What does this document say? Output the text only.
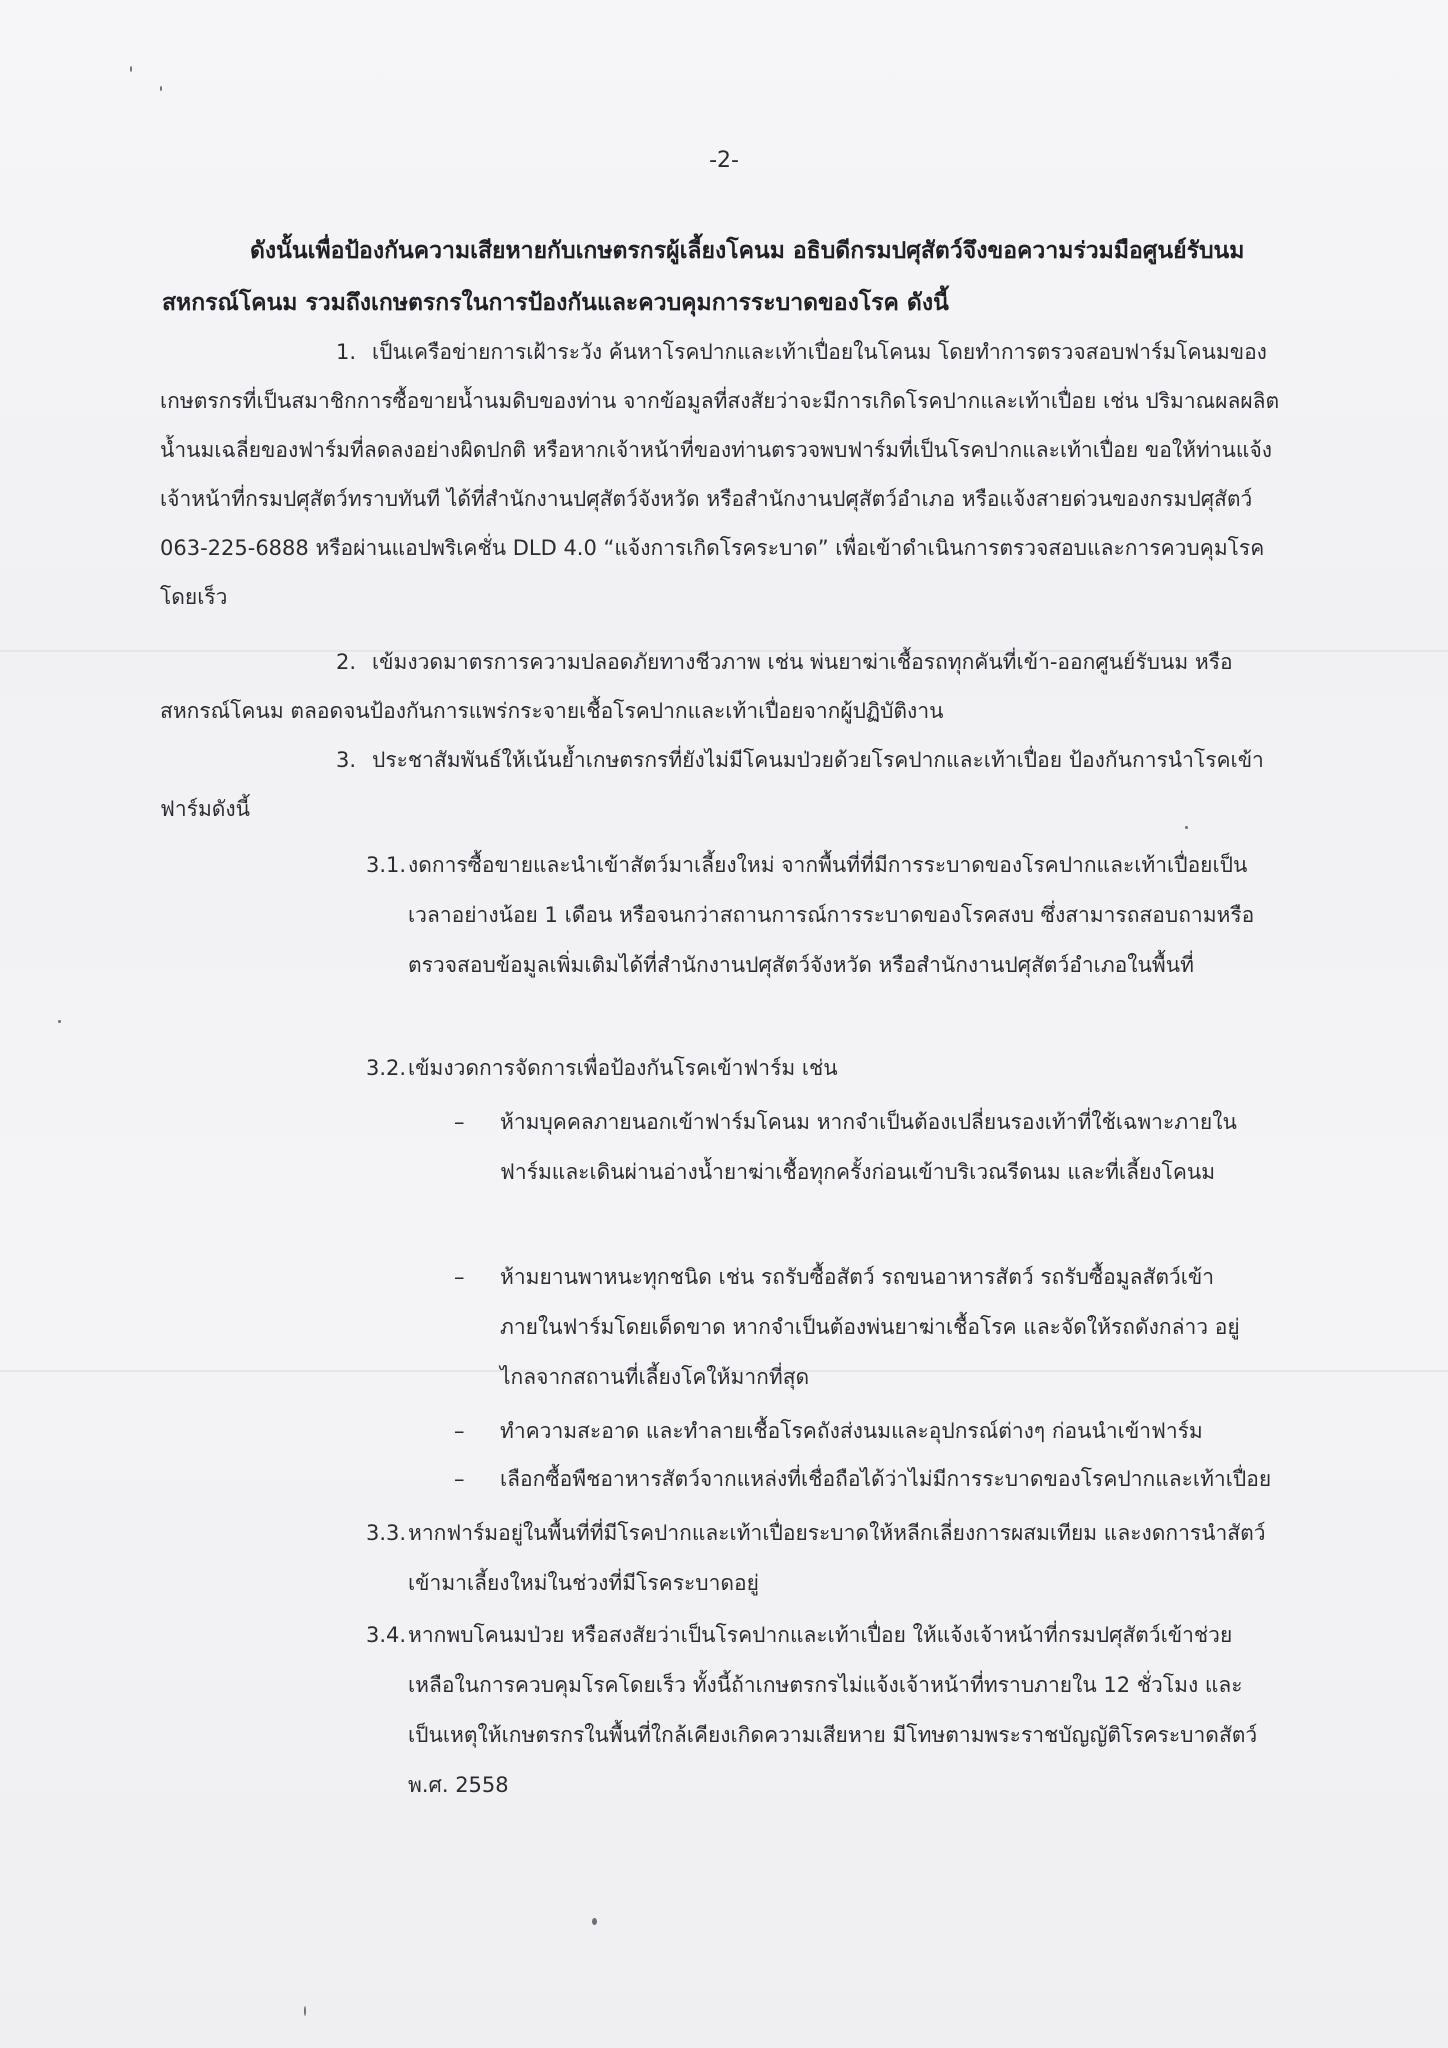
-2-
ดังนั้นเพื่อป้องกันความเสียหายกับเกษตรกรผู้เลี้ยงโคนม อธิบดีกรมปศุสัตว์จึงขอความร่วมมือศูนย์รับนมสหกรณ์โคนม รวมถึงเกษตรกรในการป้องกันและควบคุมการระบาดของโรค ดังนี้
1. เป็นเครือข่ายการเฝ้าระวัง ค้นหาโรคปากและเท้าเปื่อยในโคนม โดยทำการตรวจสอบฟาร์มโคนมของเกษตรกรที่เป็นสมาชิกการซื้อขายน้ำนมดิบของท่าน จากข้อมูลที่สงสัยว่าจะมีการเกิดโรคปากและเท้าเปื่อย เช่น ปริมาณผลผลิตน้ำนมเฉลี่ยของฟาร์มที่ลดลงอย่างผิดปกติ หรือหากเจ้าหน้าที่ของท่านตรวจพบฟาร์มที่เป็นโรคปากและเท้าเปื่อย ขอให้ท่านแจ้งเจ้าหน้าที่กรมปศุสัตว์ทราบทันที ได้ที่สำนักงานปศุสัตว์จังหวัด หรือสำนักงานปศุสัตว์อำเภอ หรือแจ้งสายด่วนของกรมปศุสัตว์ 063-225-6888 หรือผ่านแอปพริเคชั่น DLD 4.0 “แจ้งการเกิดโรคระบาด” เพื่อเข้าดำเนินการตรวจสอบและการควบคุมโรคโดยเร็ว
2. เข้มงวดมาตรการความปลอดภัยทางชีวภาพ เช่น พ่นยาฆ่าเชื้อรถทุกคันที่เข้า-ออกศูนย์รับนม หรือสหกรณ์โคนม ตลอดจนป้องกันการแพร่กระจายเชื้อโรคปากและเท้าเปื่อยจากผู้ปฏิบัติงาน
3. ประชาสัมพันธ์ให้เน้นย้ำเกษตรกรที่ยังไม่มีโคนมป่วยด้วยโรคปากและเท้าเปื่อย ป้องกันการนำโรคเข้าฟาร์มดังนี้
3.1. งดการซื้อขายและนำเข้าสัตว์มาเลี้ยงใหม่ จากพื้นที่ที่มีการระบาดของโรคปากและเท้าเปื่อยเป็นเวลาอย่างน้อย 1 เดือน หรือจนกว่าสถานการณ์การระบาดของโรคสงบ ซึ่งสามารถสอบถามหรือตรวจสอบข้อมูลเพิ่มเติมได้ที่สำนักงานปศุสัตว์จังหวัด หรือสำนักงานปศุสัตว์อำเภอในพื้นที่
3.2. เข้มงวดการจัดการเพื่อป้องกันโรคเข้าฟาร์ม เช่น
– ห้ามบุคคลภายนอกเข้าฟาร์มโคนม หากจำเป็นต้องเปลี่ยนรองเท้าที่ใช้เฉพาะภายในฟาร์มและเดินผ่านอ่างน้ำยาฆ่าเชื้อทุกครั้งก่อนเข้าบริเวณรีดนม และที่เลี้ยงโคนม
– ห้ามยานพาหนะทุกชนิด เช่น รถรับซื้อสัตว์ รถขนอาหารสัตว์ รถรับซื้อมูลสัตว์เข้าภายในฟาร์มโดยเด็ดขาด หากจำเป็นต้องพ่นยาฆ่าเชื้อโรค และจัดให้รถดังกล่าว อยู่ไกลจากสถานที่เลี้ยงโคให้มากที่สุด
– ทำความสะอาด และทำลายเชื้อโรคถังส่งนมและอุปกรณ์ต่างๆ ก่อนนำเข้าฟาร์ม
– เลือกซื้อพืชอาหารสัตว์จากแหล่งที่เชื่อถือได้ว่าไม่มีการระบาดของโรคปากและเท้าเปื่อย
3.3. หากฟาร์มอยู่ในพื้นที่ที่มีโรคปากและเท้าเปื่อยระบาดให้หลีกเลี่ยงการผสมเทียม และงดการนำสัตว์เข้ามาเลี้ยงใหม่ในช่วงที่มีโรคระบาดอยู่
3.4. หากพบโคนมป่วย หรือสงสัยว่าเป็นโรคปากและเท้าเปื่อย ให้แจ้งเจ้าหน้าที่กรมปศุสัตว์เข้าช่วยเหลือในการควบคุมโรคโดยเร็ว ทั้งนี้ถ้าเกษตรกรไม่แจ้งเจ้าหน้าที่ทราบภายใน 12 ชั่วโมง และเป็นเหตุให้เกษตรกรในพื้นที่ใกล้เคียงเกิดความเสียหาย มีโทษตามพระราชบัญญัติโรคระบาดสัตว์ พ.ศ. 2558
